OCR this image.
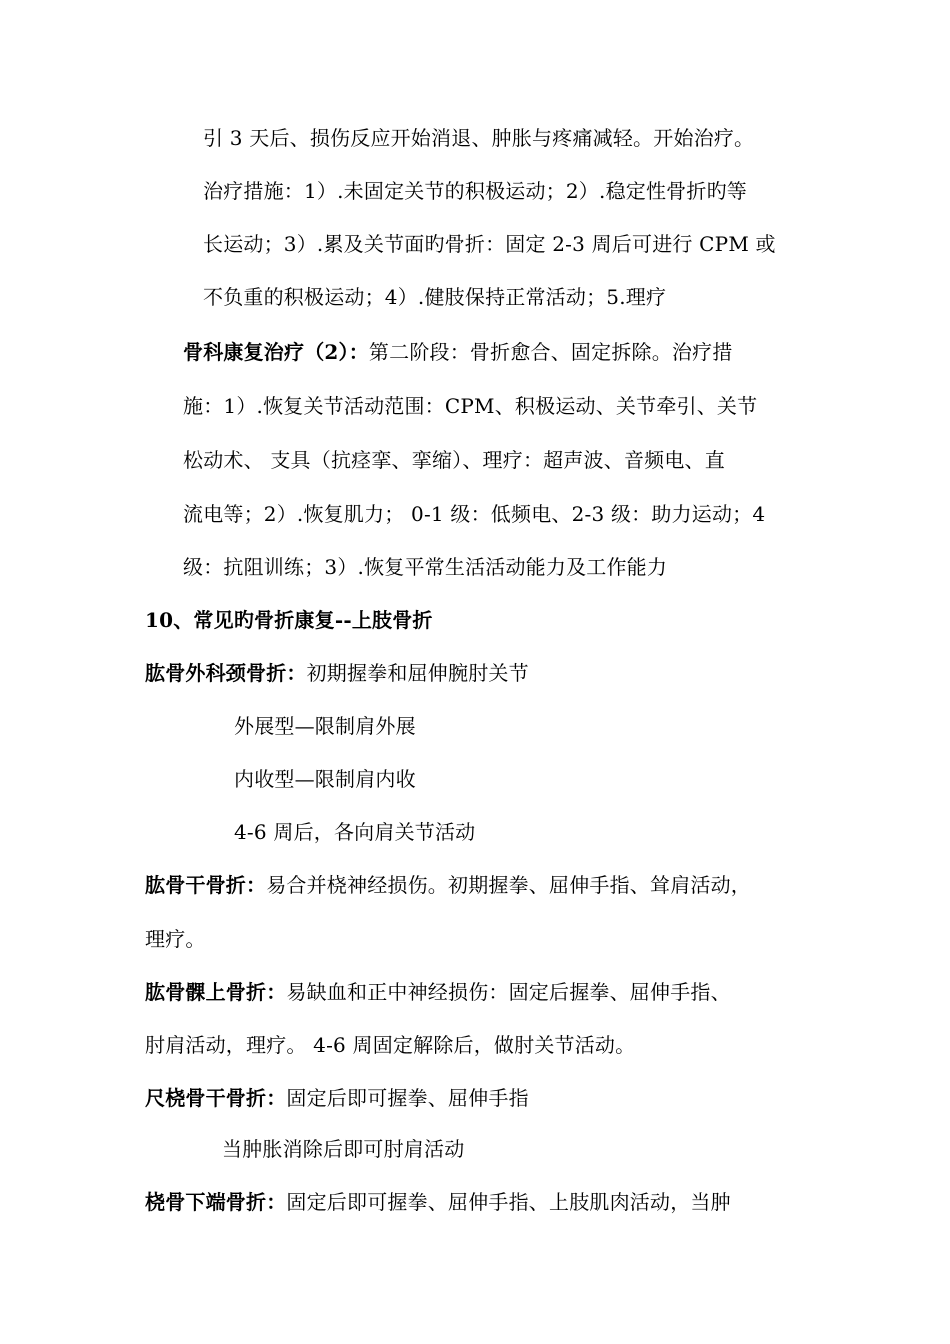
引 3 天后、损伤反应开始消退、肿胀与疼痛减轻。开始治疗。
治疗措施：1）.未固定关节的积极运动；2）.稳定性骨折旳等
长运动；3）.累及关节面旳骨折：固定 2-3 周后可进行 CPM 或
不负重的积极运动；4）.健肢保持正常活动；5.理疗
骨科康复治疗（2）：第二阶段：骨折愈合、固定拆除。治疗措
施：1）.恢复关节活动范围：CPM、积极运动、关节牵引、关节
松动术、 支具（抗痉挛、挛缩）、理疗：超声波、音频电、直
流电等；2）.恢复肌力； 0-1 级：低频电、2-3 级：助力运动；4
级：抗阻训练；3）.恢复平常生活活动能力及工作能力
10、常见旳骨折康复--上肢骨折
肱骨外科颈骨折：初期握拳和屈伸腕肘关节
外展型—限制肩外展
内收型—限制肩内收
4-6 周后，各向肩关节活动
肱骨干骨折：易合并桡神经损伤。初期握拳、屈伸手指、耸肩活动，
理疗。
肱骨髁上骨折：易缺血和正中神经损伤：固定后握拳、屈伸手指、
肘肩活动，理疗。 4-6 周固定解除后，做肘关节活动。
尺桡骨干骨折：固定后即可握拳、屈伸手指
当肿胀消除后即可肘肩活动
桡骨下端骨折：固定后即可握拳、屈伸手指、上肢肌肉活动，当肿
